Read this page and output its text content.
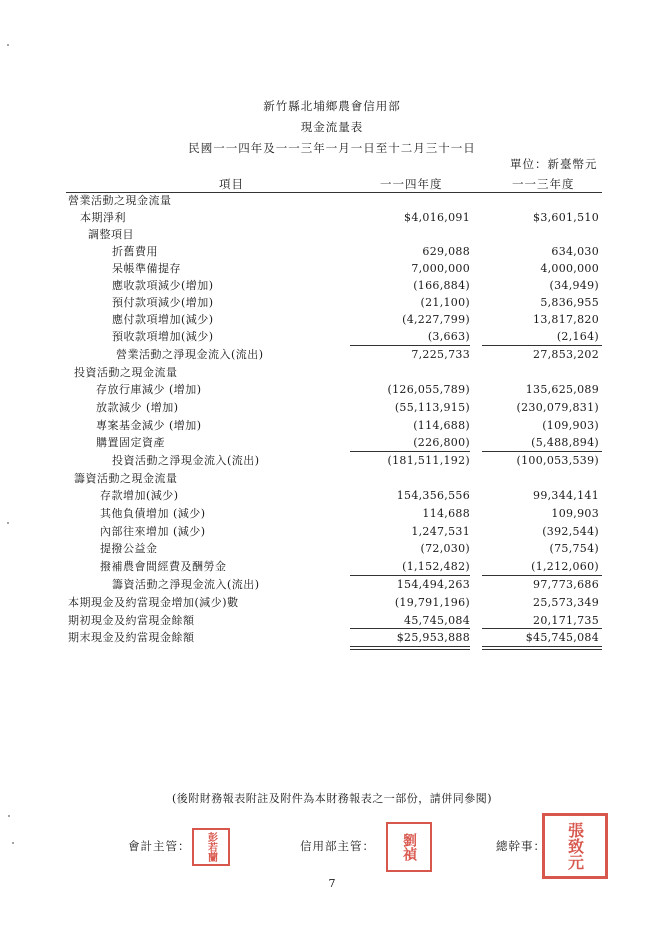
新竹縣北埔鄉農會信用部
現金流量表
民國一一四年及一一三年一月一日至十二月三十一日
單位：新臺幣元
項目	一一四年度	一一三年度
營業活動之現金流量
本期淨利	$4,016,091	$3,601,510
調整項目
折舊費用	629,088	634,030
呆帳準備提存	7,000,000	4,000,000
應收款項減少(增加)	(166,884)	(34,949)
預付款項減少(增加)	(21,100)	5,836,955
應付款項增加(減少)	(4,227,799)	13,817,820
預收款項增加(減少)	(3,663)	(2,164)
營業活動之淨現金流入(流出)	7,225,733	27,853,202
投資活動之現金流量
存放行庫減少 (增加)	(126,055,789)	135,625,089
放款減少 (增加)	(55,113,915)	(230,079,831)
專案基金減少 (增加)	(114,688)	(109,903)
購置固定資產	(226,800)	(5,488,894)
投資活動之淨現金流入(流出)	(181,511,192)	(100,053,539)
籌資活動之現金流量
存款增加(減少)	154,356,556	99,344,141
其他負債增加 (減少)	114,688	109,903
內部往來增加 (減少)	1,247,531	(392,544)
提撥公益金	(72,030)	(75,754)
撥補農會間經費及酬勞金	(1,152,482)	(1,212,060)
籌資活動之淨現金流入(流出)	154,494,263	97,773,686
本期現金及約當現金增加(減少)數	(19,791,196)	25,573,349
期初現金及約當現金餘額	45,745,084	20,171,735
期末現金及約當現金餘額	$25,953,888	$45,745,084
(後附財務報表附註及附件為本財務報表之一部份，請併同參閱)
會計主管： 彭若蘭	信用部主管： 劉禎	總幹事： 張致元
7
